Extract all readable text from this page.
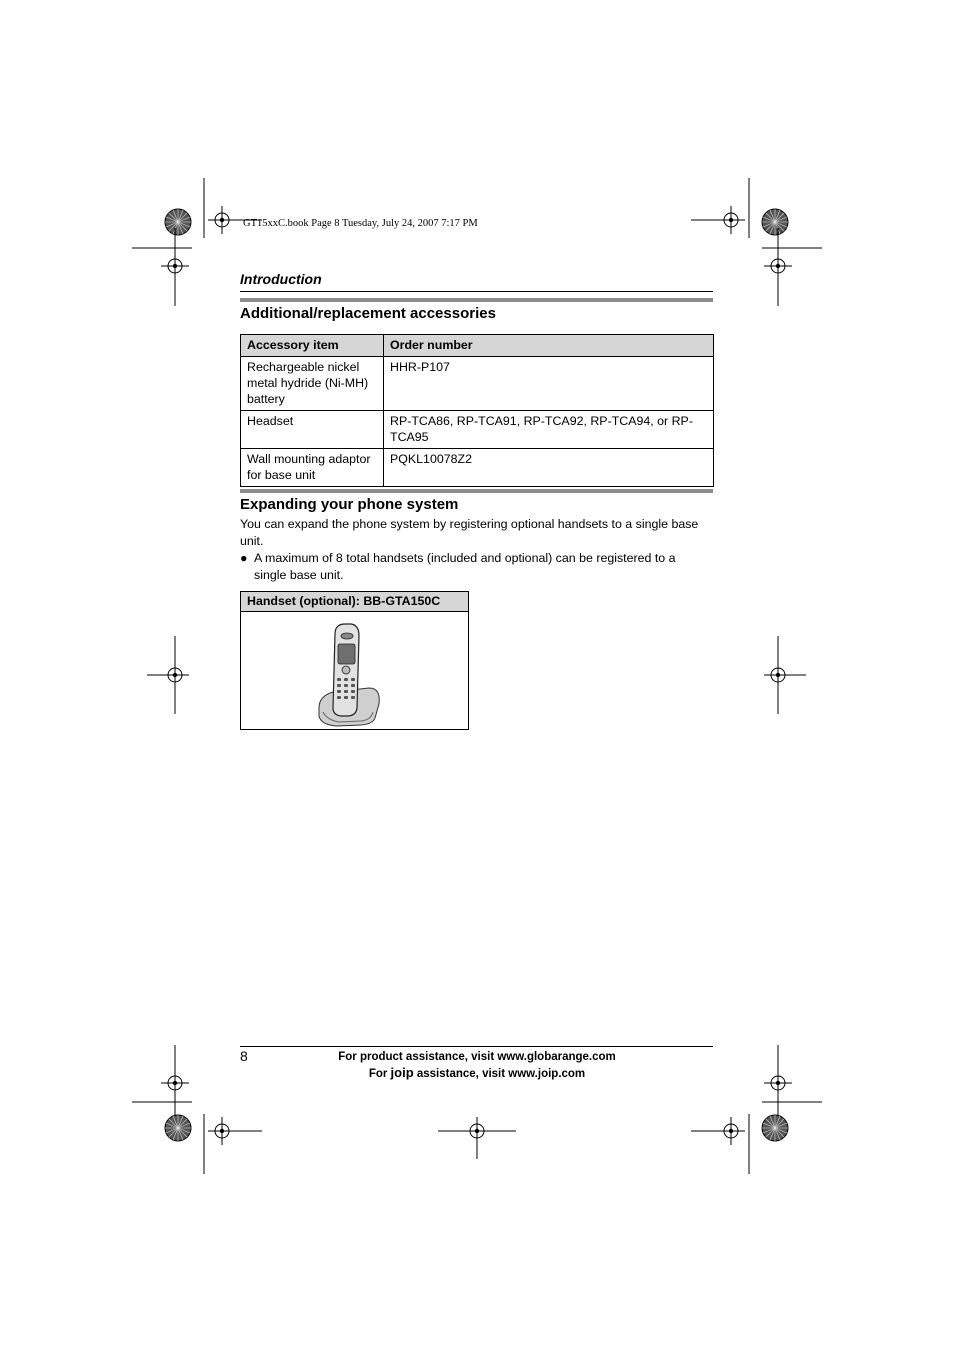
GT15xxC.book Page 8 Tuesday, July 24, 2007 7:17 PM
Introduction
Additional/replacement accessories
Accessory item	Order number
Rechargeable nickel metal hydride (Ni-MH) battery	HHR-P107
Headset	RP-TCA86, RP-TCA91, RP-TCA92, RP-TCA94, or RP-TCA95
Wall mounting adaptor for base unit	PQKL10078Z2
Expanding your phone system
You can expand the phone system by registering optional handsets to a single base unit.
● A maximum of 8 total handsets (included and optional) can be registered to a single base unit.
Handset (optional): BB-GTA150C
8	For product assistance, visit www.globarange.com
For joip assistance, visit www.joip.com
